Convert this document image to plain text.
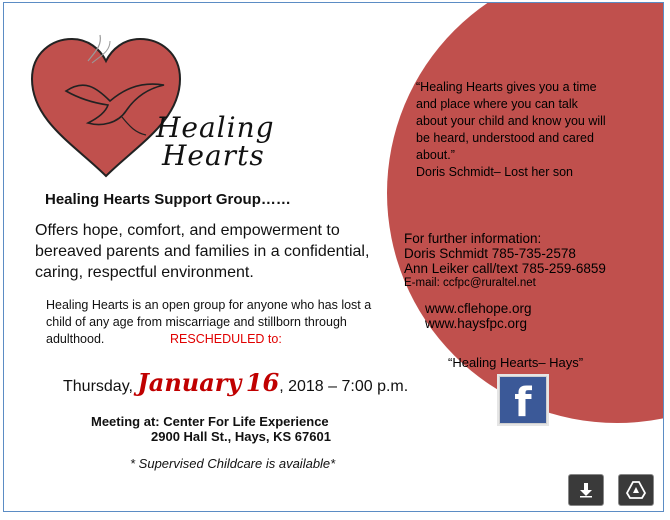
Healing
Hearts
Healing Hearts Support Group……
Offers hope, comfort, and empowerment to
bereaved parents and families in a confidential,
caring, respectful environment.
Healing Hearts is an open group for anyone who has lost a
child of any age from miscarriage and stillborn through
adulthood.	RESCHEDULED to:
Thursday, January 16, 2018 – 7:00 p.m.
Meeting at: Center For Life Experience
2900 Hall St., Hays, KS 67601
* Supervised Childcare is available*
“Healing Hearts gives you a time
and place where you can talk
about your child and know you will
be heard, understood and cared
about.”
Doris Schmidt– Lost her son
For further information:
Doris Schmidt 785-735-2578
Ann Leiker call/text 785-259-6859
E-mail: ccfpc@ruraltel.net
www.cflehope.org
www.haysfpc.org
“Healing Hearts– Hays”
f
